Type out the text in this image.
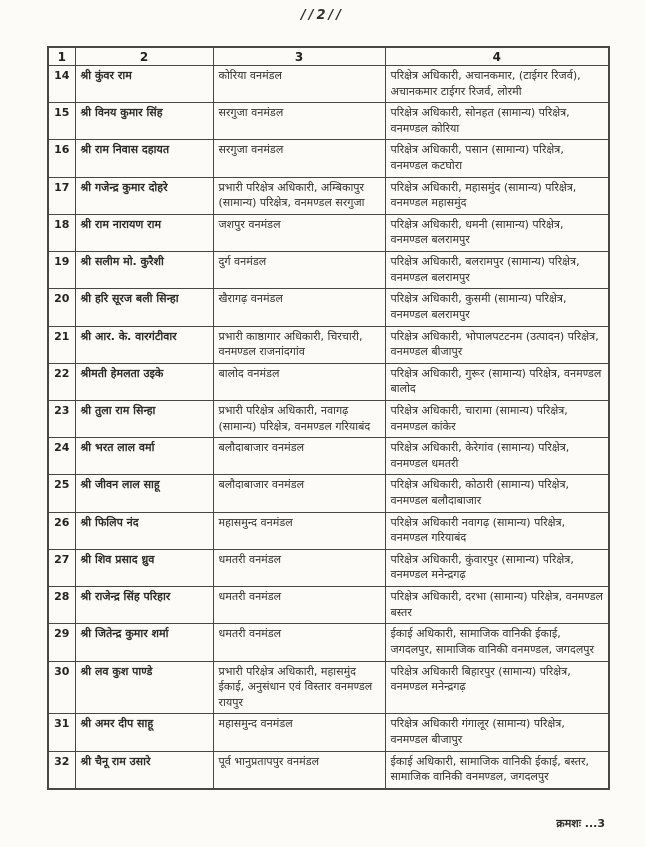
//2//
1	2	3	4
14	श्री कुंवर राम	कोरिया वनमंडल	परिक्षेत्र अधिकारी, अचानकमार, (टाईगर रिजर्व), अचानकमार टाईगर रिजर्व, लोरमी
15	श्री विनय कुमार सिंह	सरगुजा वनमंडल	परिक्षेत्र अधिकारी, सोनहत (सामान्य) परिक्षेत्र, वनमण्डल कोरिया
16	श्री राम निवास दहायत	सरगुजा वनमंडल	परिक्षेत्र अधिकारी, पसान (सामान्य) परिक्षेत्र, वनमण्डल कटघोरा
17	श्री गजेन्द्र कुमार दोहरे	प्रभारी परिक्षेत्र अधिकारी, अम्बिकापुर (सामान्य) परिक्षेत्र, वनमण्डल सरगुजा	परिक्षेत्र अधिकारी, महासमुंद (सामान्य) परिक्षेत्र, वनमण्डल महासमुंद
18	श्री राम नारायण राम	जशपुर वनमंडल	परिक्षेत्र अधिकारी, धमनी (सामान्य) परिक्षेत्र, वनमण्डल बलरामपुर
19	श्री सलीम मो. कुरैशी	दुर्ग वनमंडल	परिक्षेत्र अधिकारी, बलरामपुर (सामान्य) परिक्षेत्र, वनमण्डल बलरामपुर
20	श्री हरि सूरज बली सिन्हा	खैरागढ़ वनमंडल	परिक्षेत्र अधिकारी, कुसमी (सामान्य) परिक्षेत्र, वनमण्डल बलरामपुर
21	श्री आर. के. वारगंटीवार	प्रभारी काष्ठागार अधिकारी, चिरचारी, वनमण्डल राजनांदगांव	परिक्षेत्र अधिकारी, भोपालपटटनम (उत्पादन) परिक्षेत्र, वनमण्डल बीजापुर
22	श्रीमती हेमलता उइके	बालोद वनमंडल	परिक्षेत्र अधिकारी, गुरूर (सामान्य) परिक्षेत्र, वनमण्डल बालोद
23	श्री तुला राम सिन्हा	प्रभारी परिक्षेत्र अधिकारी, नवागढ़ (सामान्य) परिक्षेत्र, वनमण्डल गरियाबंद	परिक्षेत्र अधिकारी, चारामा (सामान्य) परिक्षेत्र, वनमण्डल कांकेर
24	श्री भरत लाल वर्मा	बलौदाबाजार वनमंडल	परिक्षेत्र अधिकारी, केरेगांव (सामान्य) परिक्षेत्र, वनमण्डल धमतरी
25	श्री जीवन लाल साहू	बलौदाबाजार वनमंडल	परिक्षेत्र अधिकारी, कोठारी (सामान्य) परिक्षेत्र, वनमण्डल बलौदाबाजार
26	श्री फिलिप नंद	महासमुन्द वनमंडल	परिक्षेत्र अधिकारी नवागढ़ (सामान्य) परिक्षेत्र, वनमण्डल गरियाबंद
27	श्री शिव प्रसाद ध्रुव	धमतरी वनमंडल	परिक्षेत्र अधिकारी, कुंवारपुर (सामान्य) परिक्षेत्र, वनमण्डल मनेन्द्रगढ़
28	श्री राजेन्द्र सिंह परिहार	धमतरी वनमंडल	परिक्षेत्र अधिकारी, दरभा (सामान्य) परिक्षेत्र, वनमण्डल बस्तर
29	श्री जितेन्द्र कुमार शर्मा	धमतरी वनमंडल	ईकाई अधिकारी, सामाजिक वानिकी ईकाई, जगदलपुर, सामाजिक वानिकी वनमण्डल, जगदलपुर
30	श्री लव कुश पाण्डे	प्रभारी परिक्षेत्र अधिकारी, महासमुंद ईकाई, अनुसंधान एवं विस्तार वनमण्डल रायपुर	परिक्षेत्र अधिकारी बिहारपुर (सामान्य) परिक्षेत्र, वनमण्डल मनेन्द्रगढ़
31	श्री अमर दीप साहू	महासमुन्द वनमंडल	परिक्षेत्र अधिकारी गंगालूर (सामान्य) परिक्षेत्र, वनमण्डल बीजापुर
32	श्री चैनू राम उसारे	पूर्व भानुप्रतापपुर वनमंडल	ईकाई अधिकारी, सामाजिक वानिकी ईकाई, बस्तर, सामाजिक वानिकी वनमण्डल, जगदलपुर
क्रमशः ...3
